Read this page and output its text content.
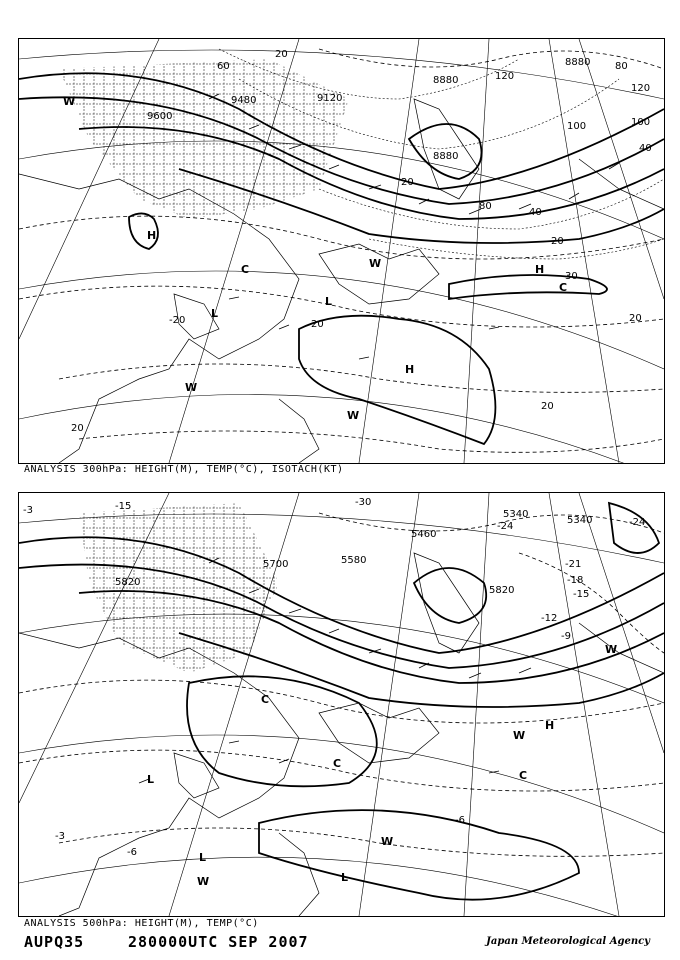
9600
9480	9120
8880
8880
8880
20
60
80
20
20
20
40
20
30
20
100	100
120
120
80
40
20
-20
H
H
H
L
L
C
C
W
W
W
W
ANALYSIS 300hPa: HEIGHT(M), TEMP(°C), ISOTACH(KT)
5820
5700	5580
5460
5340
5340
5820
-15
-3
-30
-24	-24
-21
-18
-15
-12
-9
-6
-6
-3
H
L
L
L
C
C
C
W
W
W
W
ANALYSIS 500hPa: HEIGHT(M), TEMP(°C)
AUPQ35	280000UTC SEP 2007	Japan Meteorological Agency
